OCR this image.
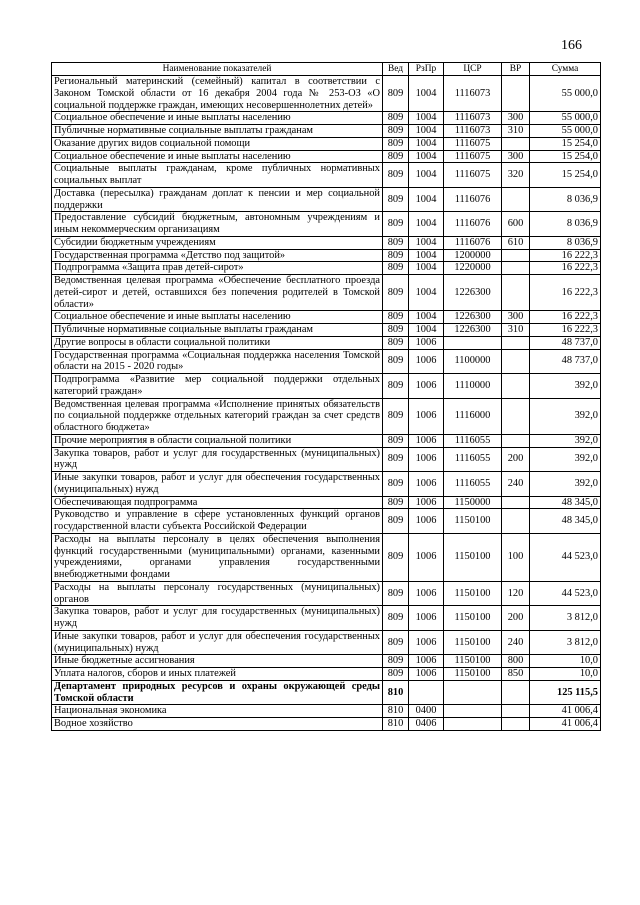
166
Наименование показателей	Вед	РзПр	ЦСР	ВР	Сумма
Региональный материнский (семейный) капитал в соответствии с Законом Томской области от 16 декабря 2004 года № 253-ОЗ «О социальной поддержке граждан, имеющих несовершеннолетних детей»	809	1004	1116073		55 000,0
Социальное обеспечение и иные выплаты населению	809	1004	1116073	300	55 000,0
Публичные нормативные социальные выплаты гражданам	809	1004	1116073	310	55 000,0
Оказание других видов социальной помощи	809	1004	1116075		15 254,0
Социальное обеспечение и иные выплаты населению	809	1004	1116075	300	15 254,0
Социальные выплаты гражданам, кроме публичных нормативных социальных выплат	809	1004	1116075	320	15 254,0
Доставка (пересылка) гражданам доплат к пенсии и мер социальной поддержки	809	1004	1116076		8 036,9
Предоставление субсидий бюджетным, автономным учреждениям и иным некоммерческим организациям	809	1004	1116076	600	8 036,9
Субсидии бюджетным учреждениям	809	1004	1116076	610	8 036,9
Государственная программа «Детство под защитой»	809	1004	1200000		16 222,3
Подпрограмма «Защита прав детей-сирот»	809	1004	1220000		16 222,3
Ведомственная целевая программа «Обеспечение бесплатного проезда детей-сирот и детей, оставшихся без попечения родителей в Томской области»	809	1004	1226300		16 222,3
Социальное обеспечение и иные выплаты населению	809	1004	1226300	300	16 222,3
Публичные нормативные социальные выплаты гражданам	809	1004	1226300	310	16 222,3
Другие вопросы в области социальной политики	809	1006			48 737,0
Государственная программа «Социальная поддержка населения Томской области на 2015 - 2020 годы»	809	1006	1100000		48 737,0
Подпрограмма «Развитие мер социальной поддержки отдельных категорий граждан»	809	1006	1110000		392,0
Ведомственная целевая программа «Исполнение принятых обязательств по социальной поддержке отдельных категорий граждан за счет средств областного бюджета»	809	1006	1116000		392,0
Прочие мероприятия в области социальной политики	809	1006	1116055		392,0
Закупка товаров, работ и услуг для государственных (муниципальных) нужд	809	1006	1116055	200	392,0
Иные закупки товаров, работ и услуг для обеспечения государственных (муниципальных) нужд	809	1006	1116055	240	392,0
Обеспечивающая подпрограмма	809	1006	1150000		48 345,0
Руководство и управление в сфере установленных функций органов государственной власти субъекта Российской Федерации	809	1006	1150100		48 345,0
Расходы на выплаты персоналу в целях обеспечения выполнения функций государственными (муниципальными) органами, казенными учреждениями, органами управления государственными внебюджетными фондами	809	1006	1150100	100	44 523,0
Расходы на выплаты персоналу государственных (муниципальных) органов	809	1006	1150100	120	44 523,0
Закупка товаров, работ и услуг для государственных (муниципальных) нужд	809	1006	1150100	200	3 812,0
Иные закупки товаров, работ и услуг для обеспечения государственных (муниципальных) нужд	809	1006	1150100	240	3 812,0
Иные бюджетные ассигнования	809	1006	1150100	800	10,0
Уплата налогов, сборов и иных платежей	809	1006	1150100	850	10,0
Департамент природных ресурсов и охраны окружающей среды Томской области	810				125 115,5
Национальная экономика	810	0400			41 006,4
Водное хозяйство	810	0406			41 006,4
